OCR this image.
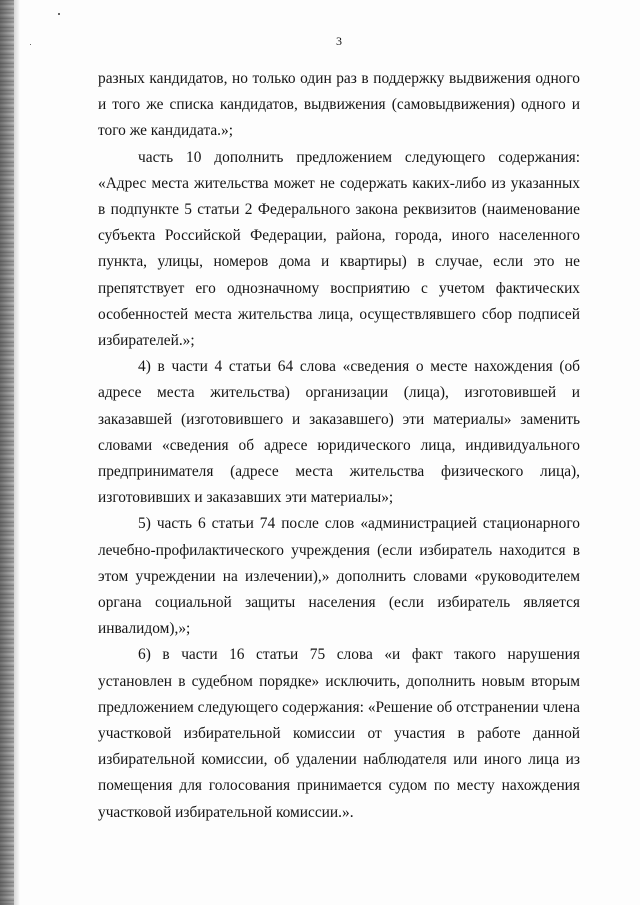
3

разных кандидатов, но только один раз в поддержку выдвижения одного и того же списка кандидатов, выдвижения (самовыдвижения) одного и того же кандидата.»;

часть 10 дополнить предложением следующего содержания: «Адрес места жительства может не содержать каких-либо из указанных в подпункте 5 статьи 2 Федерального закона реквизитов (наименование субъекта Российской Федерации, района, города, иного населенного пункта, улицы, номеров дома и квартиры) в случае, если это не препятствует его однозначному восприятию с учетом фактических особенностей места жительства лица, осуществлявшего сбор подписей избирателей.»;

4) в части 4 статьи 64 слова «сведения о месте нахождения (об адресе места жительства) организации (лица), изготовившей и заказавшей (изготовившего и заказавшего) эти материалы» заменить словами «сведения об адресе юридического лица, индивидуального предпринимателя (адресе места жительства физического лица), изготовивших и заказавших эти материалы»;

5) часть 6 статьи 74 после слов «администрацией стационарного лечебно-профилактического учреждения (если избиратель находится в этом учреждении на излечении),» дополнить словами «руководителем органа социальной защиты населения (если избиратель является инвалидом),»;

6) в части 16 статьи 75 слова «и факт такого нарушения установлен в судебном порядке» исключить, дополнить новым вторым предложением следующего содержания: «Решение об отстранении члена участковой избирательной комиссии от участия в работе данной избирательной комиссии, об удалении наблюдателя или иного лица из помещения для голосования принимается судом по месту нахождения участковой избирательной комиссии.».
